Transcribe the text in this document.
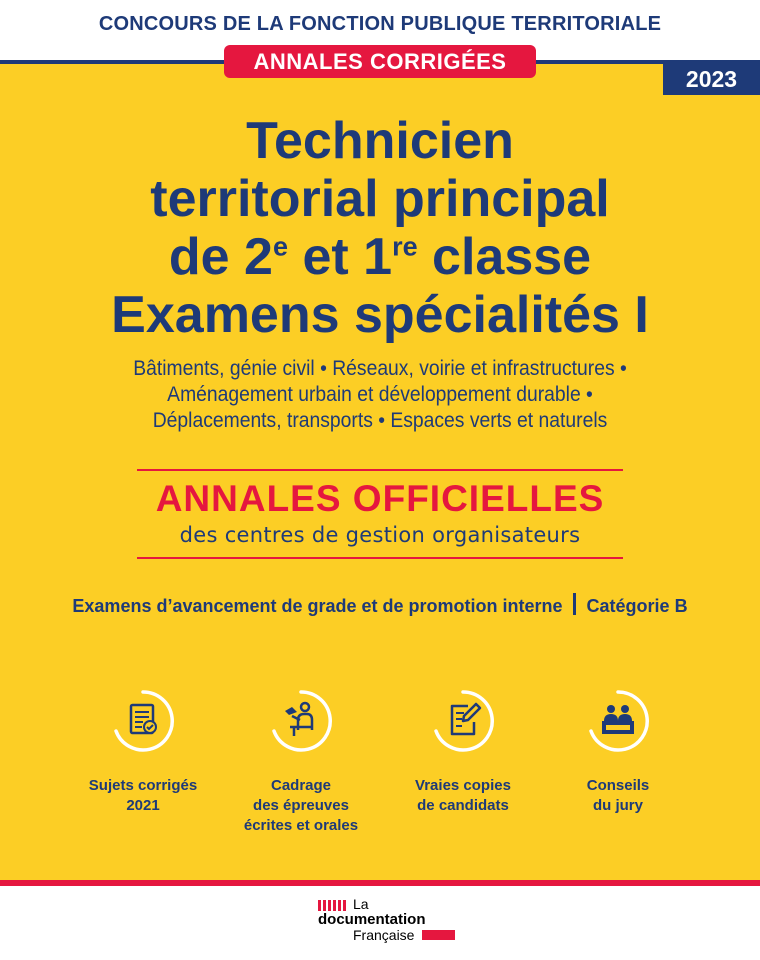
CONCOURS DE LA FONCTION PUBLIQUE TERRITORIALE
ANNALES CORRIGÉES
2023
Technicien
territorial principal
de 2e et 1re classe
Examens spécialités I
Bâtiments, génie civil • Réseaux, voirie et infrastructures •
Aménagement urbain et développement durable •
Déplacements, transports • Espaces verts et naturels
ANNALES OFFICIELLES
des centres de gestion organisateurs
Examens d’avancement de grade et de promotion interne Catégorie B
Sujets corrigés
2021
Cadrage
des épreuves
écrites et orales
Vraies copies
de candidats
Conseils
du jury
La
documentation
Française
